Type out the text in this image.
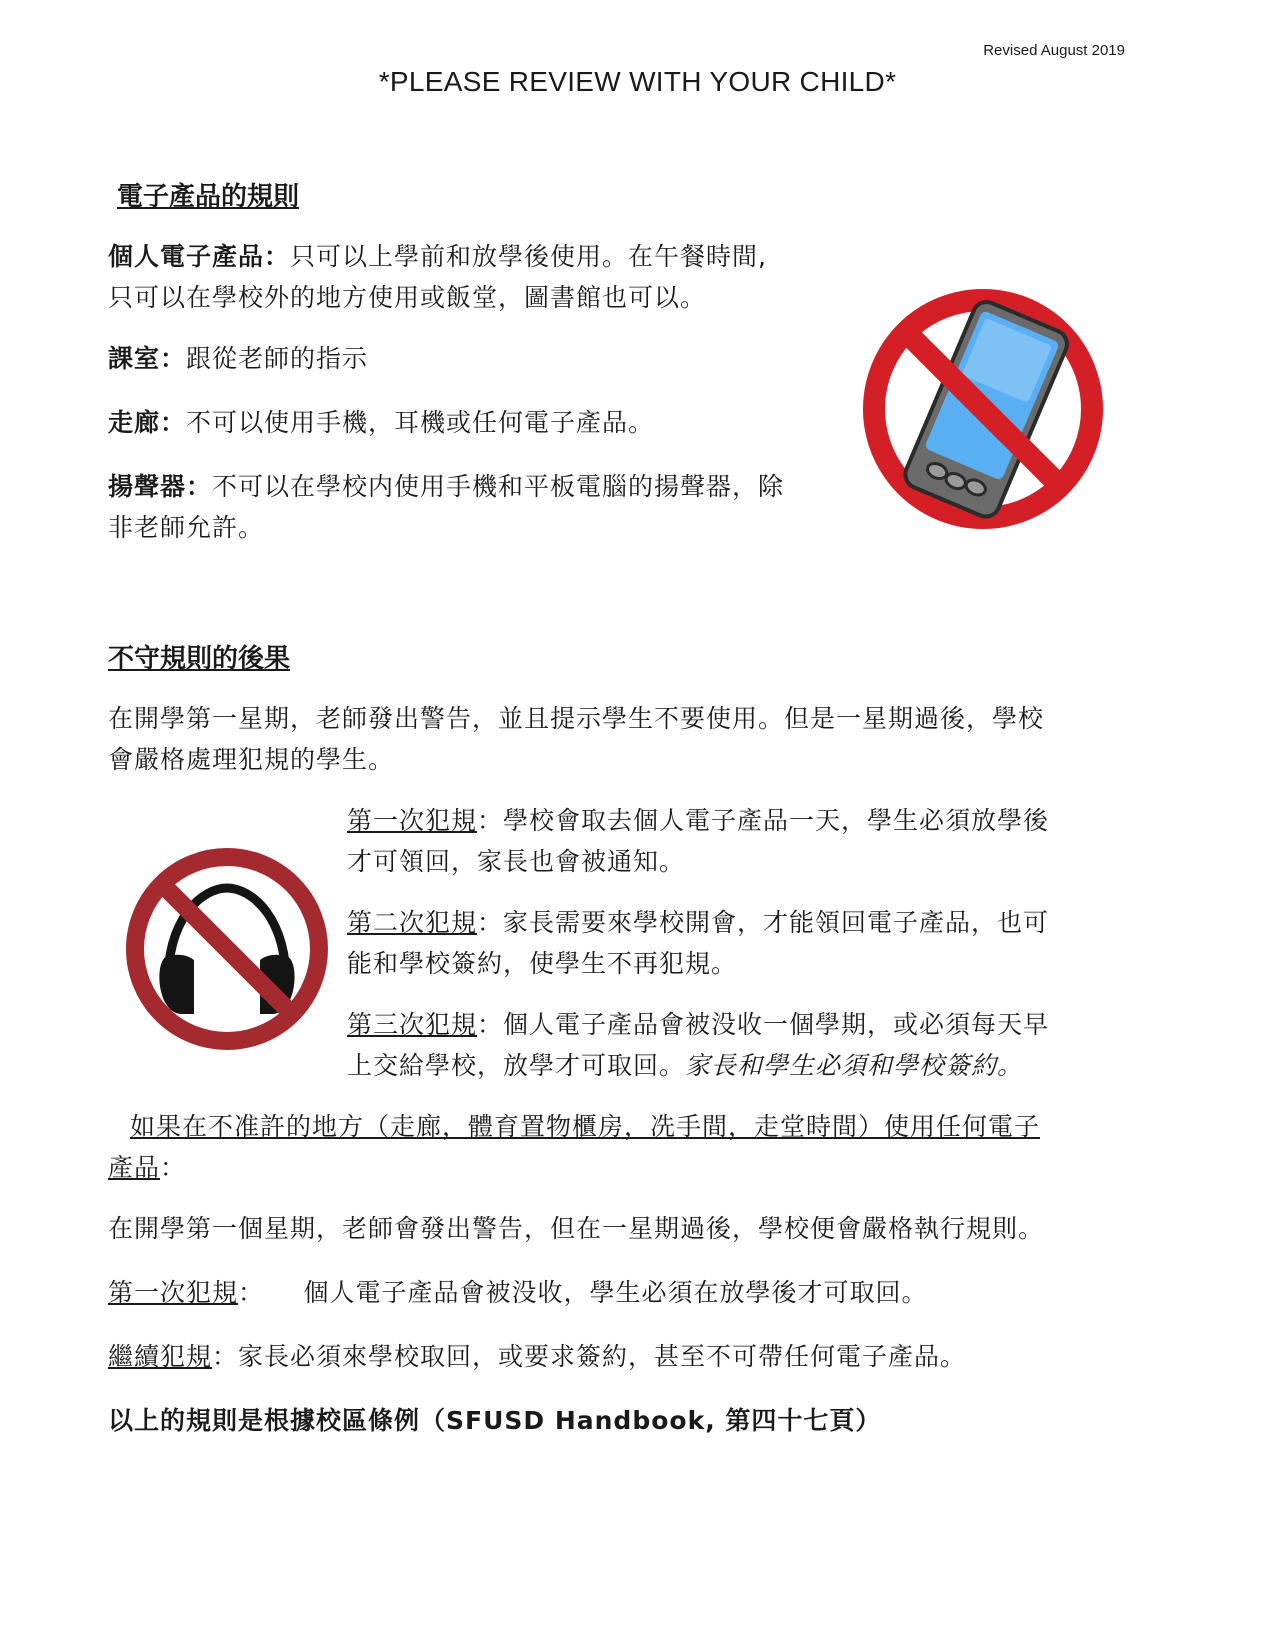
Revised August 2019
*PLEASE REVIEW WITH YOUR CHILD*
電子產品的規則
個人電子產品：只可以上學前和放學後使用。在午餐時間,
只可以在學校外的地方使用或飯堂，圖書館也可以。
課室：跟從老師的指示
走廊：不可以使用手機，耳機或任何電子產品。
揚聲器：不可以在學校内使用手機和平板電腦的揚聲器，除
非老師允許。
不守規則的後果
在開學第一星期，老師發出警告，並且提示學生不要使用。但是一星期過後，學校
會嚴格處理犯規的學生。
第一次犯規：學校會取去個人電子產品一天，學生必須放學後
才可領回，家長也會被通知。
第二次犯規：家長需要來學校開會，才能領回電子產品，也可
能和學校簽約，使學生不再犯規。
第三次犯規：個人電子產品會被没收一個學期，或必須每天早
上交給學校，放學才可取回。家長和學生必須和學校簽約。
如果在不准許的地方（走廊，體育置物櫃房，冼手間，走堂時間）使用任何電子
產品：
在開學第一個星期，老師會發出警告，但在一星期過後，學校便會嚴格執行規則。
第一次犯規：　　個人電子產品會被没收，學生必須在放學後才可取回。
繼續犯規：家長必須來學校取回，或要求簽約，甚至不可帶任何電子產品。
以上的規則是根據校區條例（SFUSD Handbook, 第四十七頁）
